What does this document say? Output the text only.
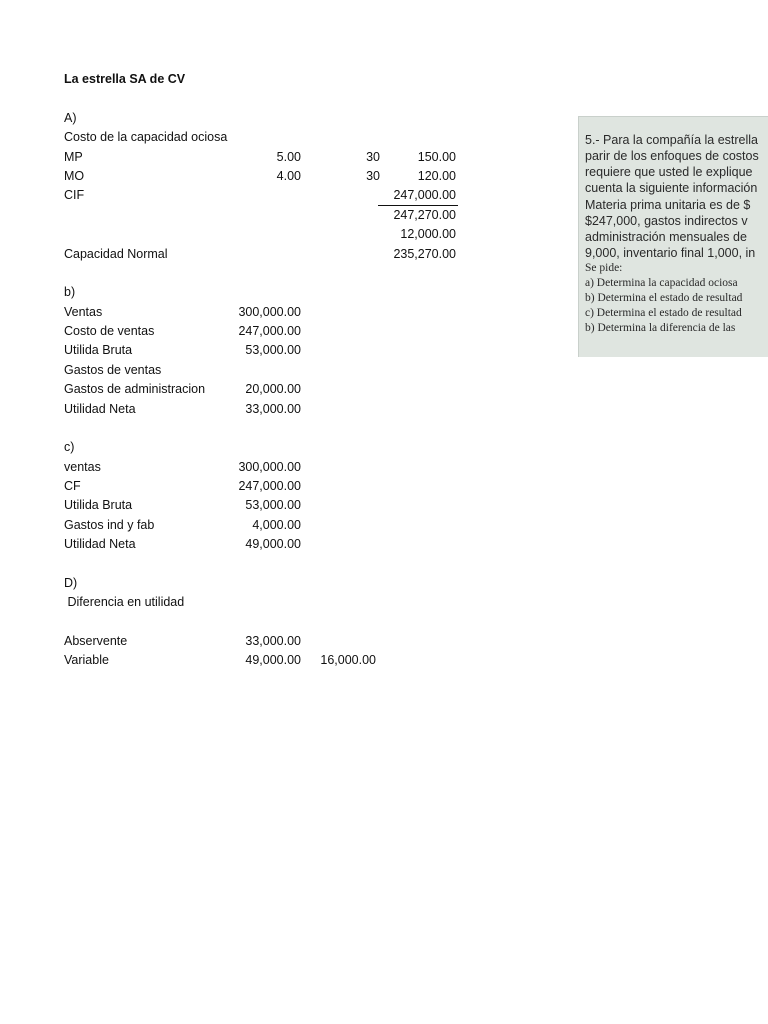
La estrella SA de CV
A)
Costo de la capacidad ociosa
MP	5.00	30	150.00
MO	4.00	30	120.00
CIF	247,000.00
247,270.00
12,000.00
Capacidad Normal	235,270.00
b)
Ventas	300,000.00
Costo de ventas	247,000.00
Utilida Bruta	53,000.00
Gastos de ventas
Gastos de administracion	20,000.00
Utilidad Neta	33,000.00
c)
ventas	300,000.00
CF	247,000.00
Utilida Bruta	53,000.00
Gastos ind y fab	4,000.00
Utilidad Neta	49,000.00
D)
Diferencia en utilidad
Abservente	33,000.00
Variable	49,000.00 16,000.00
5.- Para la compañía la estrella
parir de los enfoques de costos
requiere que usted le explique
cuenta la siguiente información
Materia prima unitaria es de $
$247,000, gastos indirectos v
administración mensuales de
9,000, inventario final 1,000, in
Se pide:
a) Determina la capacidad ociosa
b) Determina el estado de resultad
c) Determina el estado de resultad
b) Determina la diferencia de las
